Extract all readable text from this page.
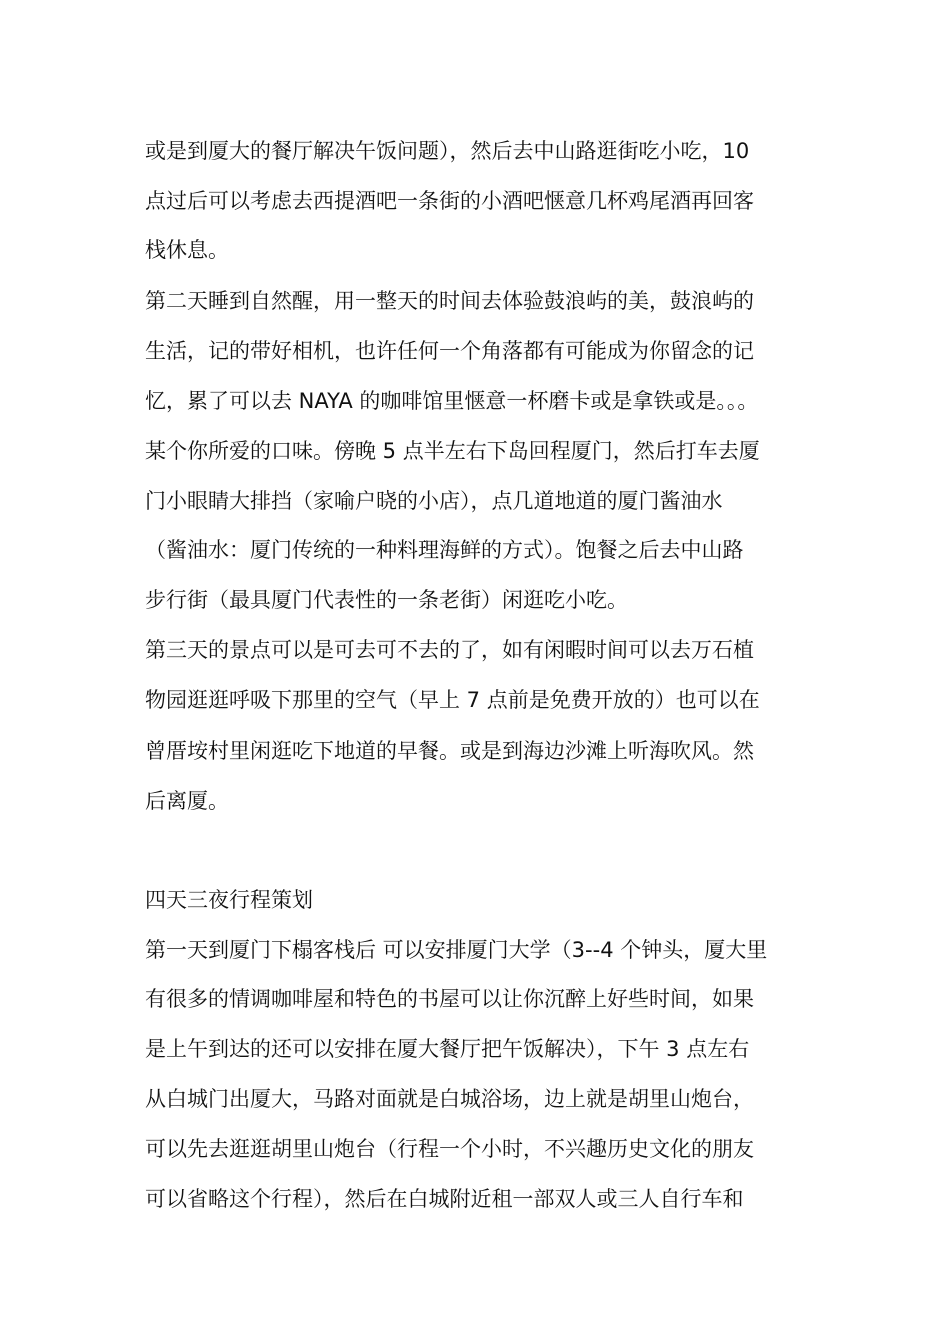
或是到厦大的餐厅解决午饭问题），然后去中山路逛街吃小吃，10
点过后可以考虑去西提酒吧一条街的小酒吧惬意几杯鸡尾酒再回客
栈休息。
第二天睡到自然醒，用一整天的时间去体验鼓浪屿的美，鼓浪屿的
生活，记的带好相机，也许任何一个角落都有可能成为你留念的记
忆，累了可以去 NAYA 的咖啡馆里惬意一杯磨卡或是拿铁或是。。。
某个你所爱的口味。傍晚 5 点半左右下岛回程厦门，然后打车去厦
门小眼睛大排挡（家喻户晓的小店），点几道地道的厦门酱油水
（酱油水：厦门传统的一种料理海鲜的方式）。饱餐之后去中山路
步行街（最具厦门代表性的一条老街）闲逛吃小吃。
第三天的景点可以是可去可不去的了，如有闲暇时间可以去万石植
物园逛逛呼吸下那里的空气（早上 7 点前是免费开放的）也可以在
曾厝垵村里闲逛吃下地道的早餐。或是到海边沙滩上听海吹风。然
后离厦。
四天三夜行程策划
第一天到厦门下榻客栈后 可以安排厦门大学（3--4 个钟头，厦大里
有很多的情调咖啡屋和特色的书屋可以让你沉醉上好些时间，如果
是上午到达的还可以安排在厦大餐厅把午饭解决），下午 3 点左右
从白城门出厦大，马路对面就是白城浴场，边上就是胡里山炮台，
可以先去逛逛胡里山炮台（行程一个小时，不兴趣历史文化的朋友
可以省略这个行程），然后在白城附近租一部双人或三人自行车和
